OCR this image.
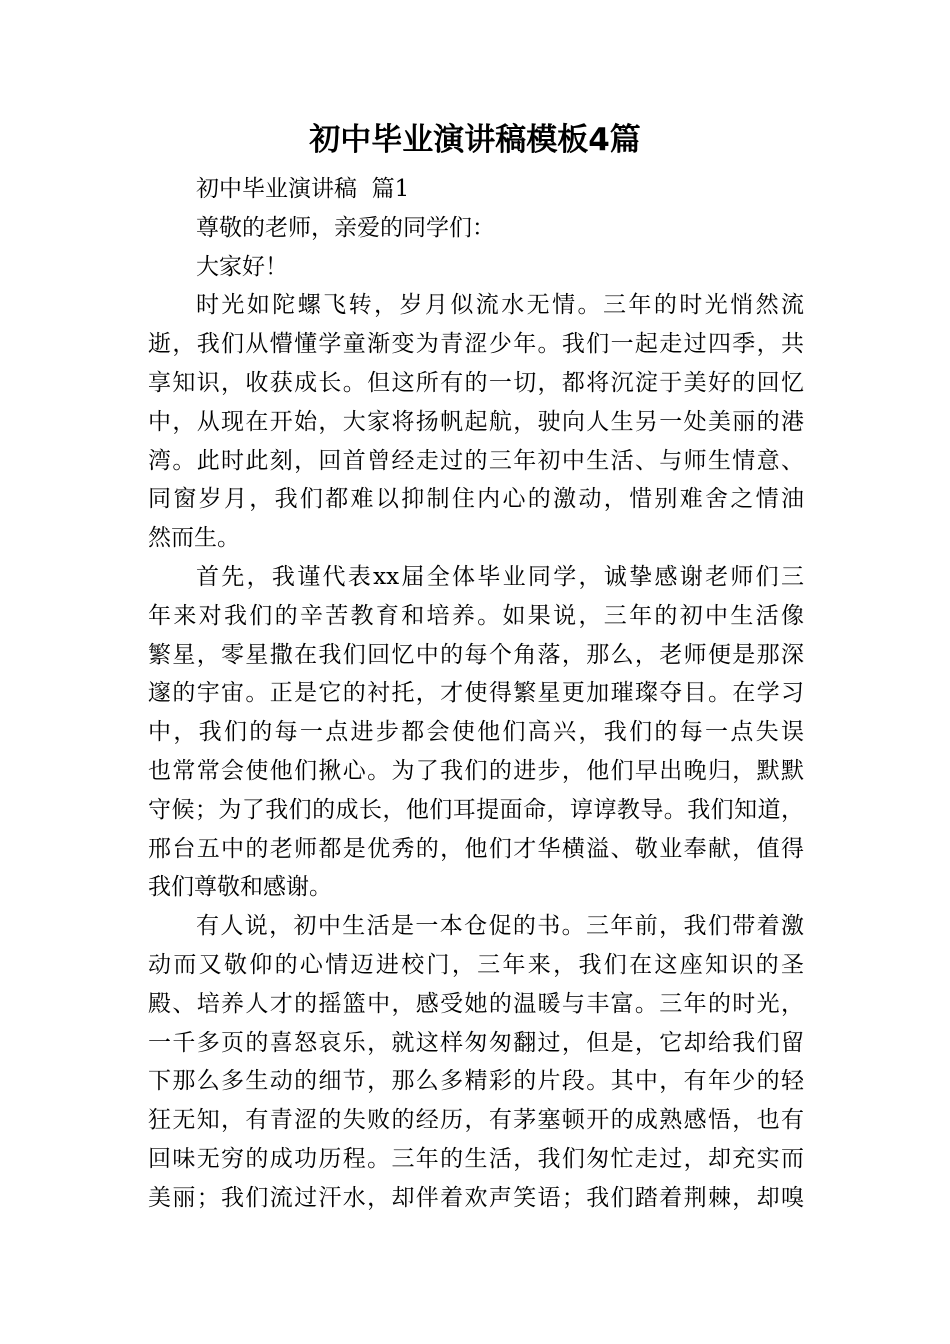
初中毕业演讲稿模板4篇

初中毕业演讲稿  篇1

尊敬的老师，亲爱的同学们：

大家好！

时光如陀螺飞转，岁月似流水无情。三年的时光悄然流
逝，我们从懵懂学童渐变为青涩少年。我们一起走过四季，共
享知识，收获成长。但这所有的一切，都将沉淀于美好的回忆
中，从现在开始，大家将扬帆起航，驶向人生另一处美丽的港
湾。此时此刻，回首曾经走过的三年初中生活、与师生情意、
同窗岁月，我们都难以抑制住内心的激动，惜别难舍之情油
然而生。
首先，我谨代表xx届全体毕业同学，诚挚感谢老师们三
年来对我们的辛苦教育和培养。如果说，三年的初中生活像
繁星，零星撒在我们回忆中的每个角落，那么，老师便是那深
邃的宇宙。正是它的衬托，才使得繁星更加璀璨夺目。在学习
中，我们的每一点进步都会使他们高兴，我们的每一点失误
也常常会使他们揪心。为了我们的进步，他们早出晚归，默默
守候；为了我们的成长，他们耳提面命，谆谆教导。我们知道，
邢台五中的老师都是优秀的，他们才华横溢、敬业奉献，值得
我们尊敬和感谢。
有人说，初中生活是一本仓促的书。三年前，我们带着激
动而又敬仰的心情迈进校门，三年来，我们在这座知识的圣
殿、培养人才的摇篮中，感受她的温暖与丰富。三年的时光，
一千多页的喜怒哀乐，就这样匆匆翻过，但是，它却给我们留
下那么多生动的细节，那么多精彩的片段。其中，有年少的轻
狂无知，有青涩的失败的经历，有茅塞顿开的成熟感悟，也有
回味无穷的成功历程。三年的生活，我们匆忙走过，却充实而
美丽；我们流过汗水，却伴着欢声笑语；我们踏着荆棘，却嗅
